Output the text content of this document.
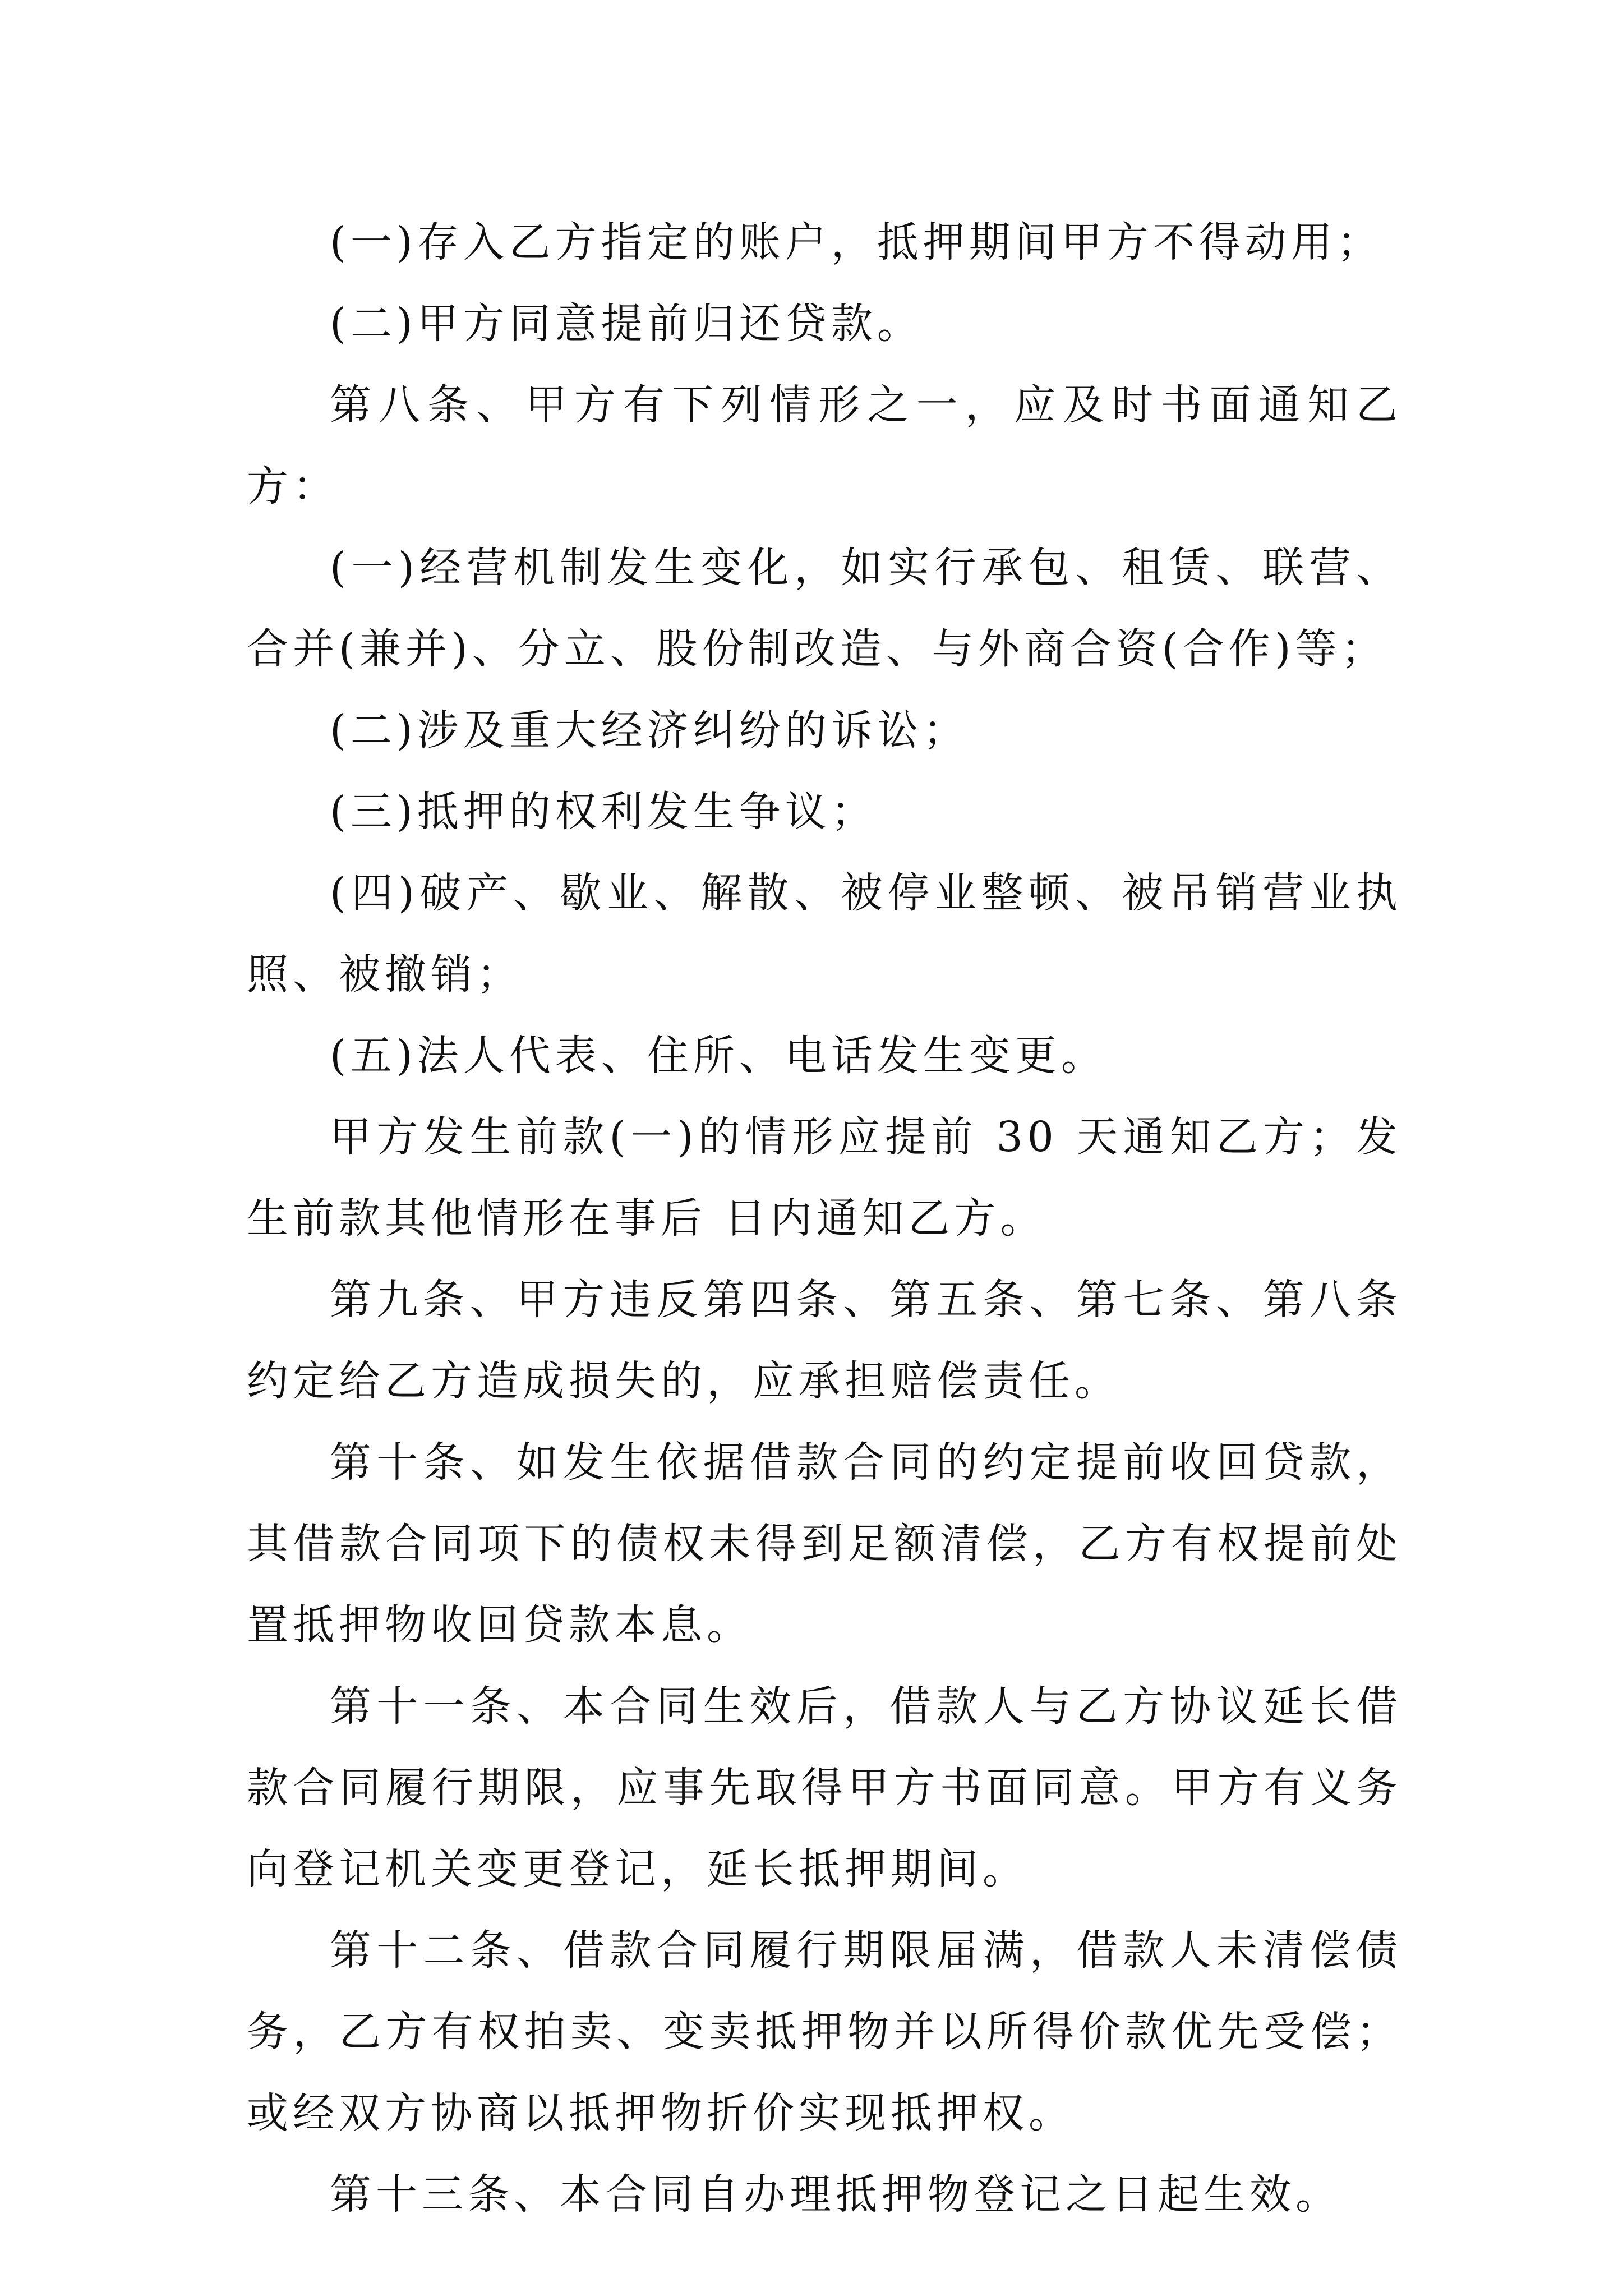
(一)存入乙方指定的账户，抵押期间甲方不得动用；

(二)甲方同意提前归还贷款。

第八条、甲方有下列情形之一，应及时书面通知乙方：

(一)经营机制发生变化，如实行承包、租赁、联营、合并(兼并)、分立、股份制改造、与外商合资(合作)等；

(二)涉及重大经济纠纷的诉讼；

(三)抵押的权利发生争议；

(四)破产、歇业、解散、被停业整顿、被吊销营业执照、被撤销；

(五)法人代表、住所、电话发生变更。

甲方发生前款(一)的情形应提前 30 天通知乙方；发生前款其他情形在事后 日内通知乙方。

第九条、甲方违反第四条、第五条、第七条、第八条约定给乙方造成损失的，应承担赔偿责任。

第十条、如发生依据借款合同的约定提前收回贷款，其借款合同项下的债权未得到足额清偿，乙方有权提前处置抵押物收回贷款本息。

第十一条、本合同生效后，借款人与乙方协议延长借款合同履行期限，应事先取得甲方书面同意。甲方有义务向登记机关变更登记，延长抵押期间。

第十二条、借款合同履行期限届满，借款人未清偿债务，乙方有权拍卖、变卖抵押物并以所得价款优先受偿；或经双方协商以抵押物折价实现抵押权。

第十三条、本合同自办理抵押物登记之日起生效。
